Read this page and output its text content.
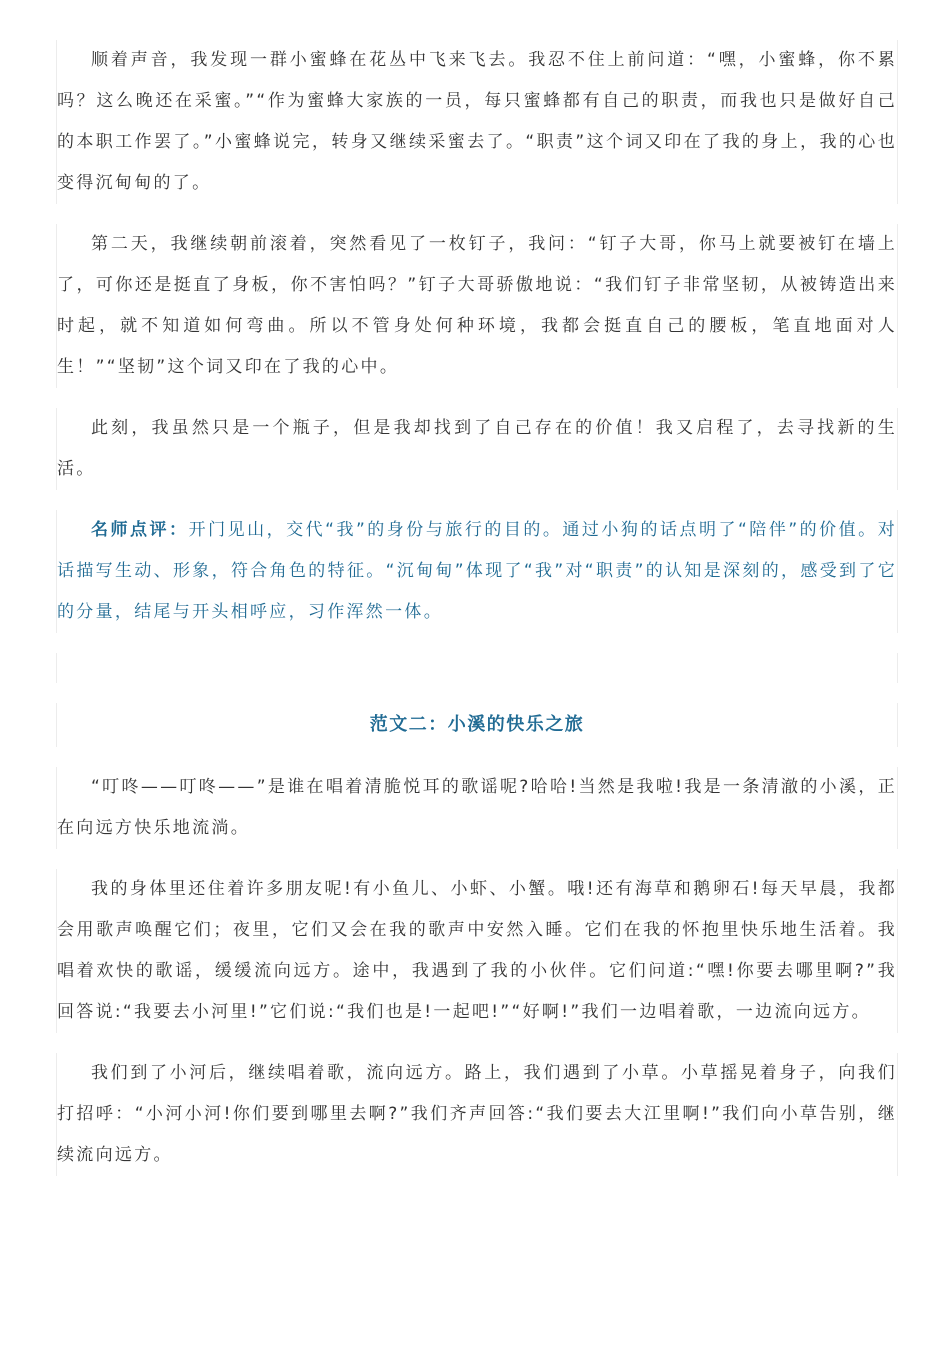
顺着声音，我发现一群小蜜蜂在花丛中飞来飞去。我忍不住上前问道：“嘿，小蜜蜂，你不累吗？这么晚还在采蜜。”“作为蜜蜂大家族的一员，每只蜜蜂都有自己的职责，而我也只是做好自己的本职工作罢了。”小蜜蜂说完，转身又继续采蜜去了。“职责”这个词又印在了我的身上，我的心也变得沉甸甸的了。

第二天，我继续朝前滚着，突然看见了一枚钉子，我问：“钉子大哥，你马上就要被钉在墙上了，可你还是挺直了身板，你不害怕吗？”钉子大哥骄傲地说：“我们钉子非常坚韧，从被铸造出来时起，就不知道如何弯曲。所以不管身处何种环境，我都会挺直自己的腰板，笔直地面对人生！”“坚韧”这个词又印在了我的心中。

此刻，我虽然只是一个瓶子，但是我却找到了自己存在的价值！我又启程了，去寻找新的生活。

名师点评：开门见山，交代“我”的身份与旅行的目的。通过小狗的话点明了“陪伴”的价值。对话描写生动、形象，符合角色的特征。“沉甸甸”体现了“我”对“职责”的认知是深刻的，感受到了它的分量，结尾与开头相呼应，习作浑然一体。

范文二：小溪的快乐之旅

“叮咚——叮咚——”是谁在唱着清脆悦耳的歌谣呢?哈哈!当然是我啦!我是一条清澈的小溪，正在向远方快乐地流淌。

我的身体里还住着许多朋友呢!有小鱼儿、小虾、小蟹。哦!还有海草和鹅卵石!每天早晨，我都会用歌声唤醒它们；夜里，它们又会在我的歌声中安然入睡。它们在我的怀抱里快乐地生活着。我唱着欢快的歌谣，缓缓流向远方。途中，我遇到了我的小伙伴。它们问道:“嘿!你要去哪里啊?”我回答说:“我要去小河里!”它们说:“我们也是!一起吧!”“好啊!”我们一边唱着歌，一边流向远方。

我们到了小河后，继续唱着歌，流向远方。路上，我们遇到了小草。小草摇晃着身子，向我们打招呼：“小河小河!你们要到哪里去啊?”我们齐声回答:“我们要去大江里啊!”我们向小草告别，继续流向远方。
